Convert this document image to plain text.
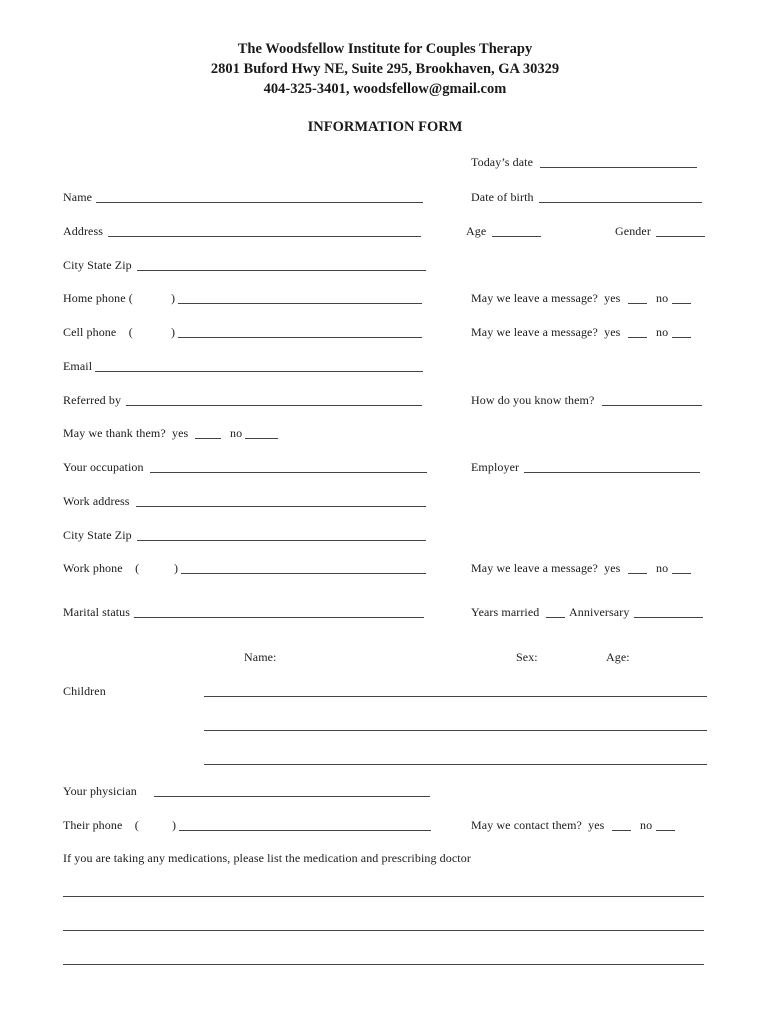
The Woodsfellow Institute for Couples Therapy
2801 Buford Hwy NE, Suite 295, Brookhaven, GA 30329
404-325-3401, woodsfellow@gmail.com
INFORMATION FORM
Today’s date
Name	Date of birth
Address	Age	Gender
City State Zip
Home phone (	)	May we leave a message?  yes	no
Cell phone    (	)	May we leave a message?  yes	no
Email
Referred by	How do you know them?
May we thank them?  yes	no
Your occupation	Employer
Work address
City State Zip
Work phone    (	)	May we leave a message?  yes	no
Marital status	Years married Anniversary
Name:	Sex:	Age:
Children
Your physician
Their phone    (	)	May we contact them?  yes	no
If you are taking any medications, please list the medication and prescribing doctor
